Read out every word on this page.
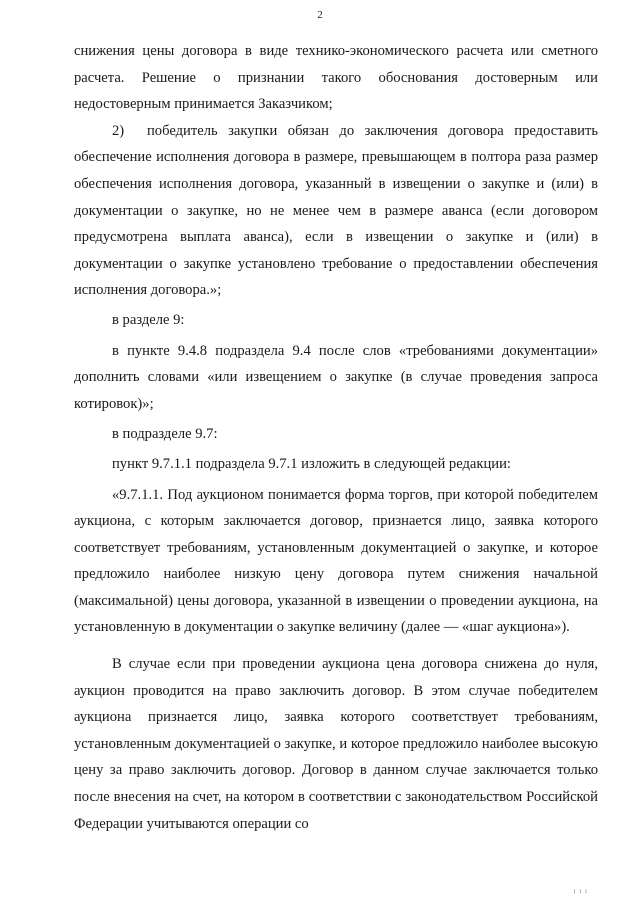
2

снижения цены договора в виде технико-экономического расчета или сметного расчета. Решение о признании такого обоснования достоверным или недостоверным принимается Заказчиком;

2) победитель закупки обязан до заключения договора предоставить обеспечение исполнения договора в размере, превышающем в полтора раза размер обеспечения исполнения договора, указанный в извещении о закупке и (или) в документации о закупке, но не менее чем в размере аванса (если договором предусмотрена выплата аванса), если в извещении о закупке и (или) в документации о закупке установлено требование о предоставлении обеспечения исполнения договора.»;

в разделе 9:

в пункте 9.4.8 подраздела 9.4 после слов «требованиями документации» дополнить словами «или извещением о закупке (в случае проведения запроса котировок)»;

в подразделе 9.7:

пункт 9.7.1.1 подраздела 9.7.1 изложить в следующей редакции:

«9.7.1.1. Под аукционом понимается форма торгов, при которой победителем аукциона, с которым заключается договор, признается лицо, заявка которого соответствует требованиям, установленным документацией о закупке, и которое предложило наиболее низкую цену договора путем снижения начальной (максимальной) цены договора, указанной в извещении о проведении аукциона, на установленную в документации о закупке величину (далее — «шаг аукциона»).

В случае если при проведении аукциона цена договора снижена до нуля, аукцион проводится на право заключить договор. В этом случае победителем аукциона признается лицо, заявка которого соответствует требованиям, установленным документацией о закупке, и которое предложило наиболее высокую цену за право заключить договор. Договор в данном случае заключается только после внесения на счет, на котором в соответствии с законодательством Российской Федерации учитываются операции со

ı ı ı
